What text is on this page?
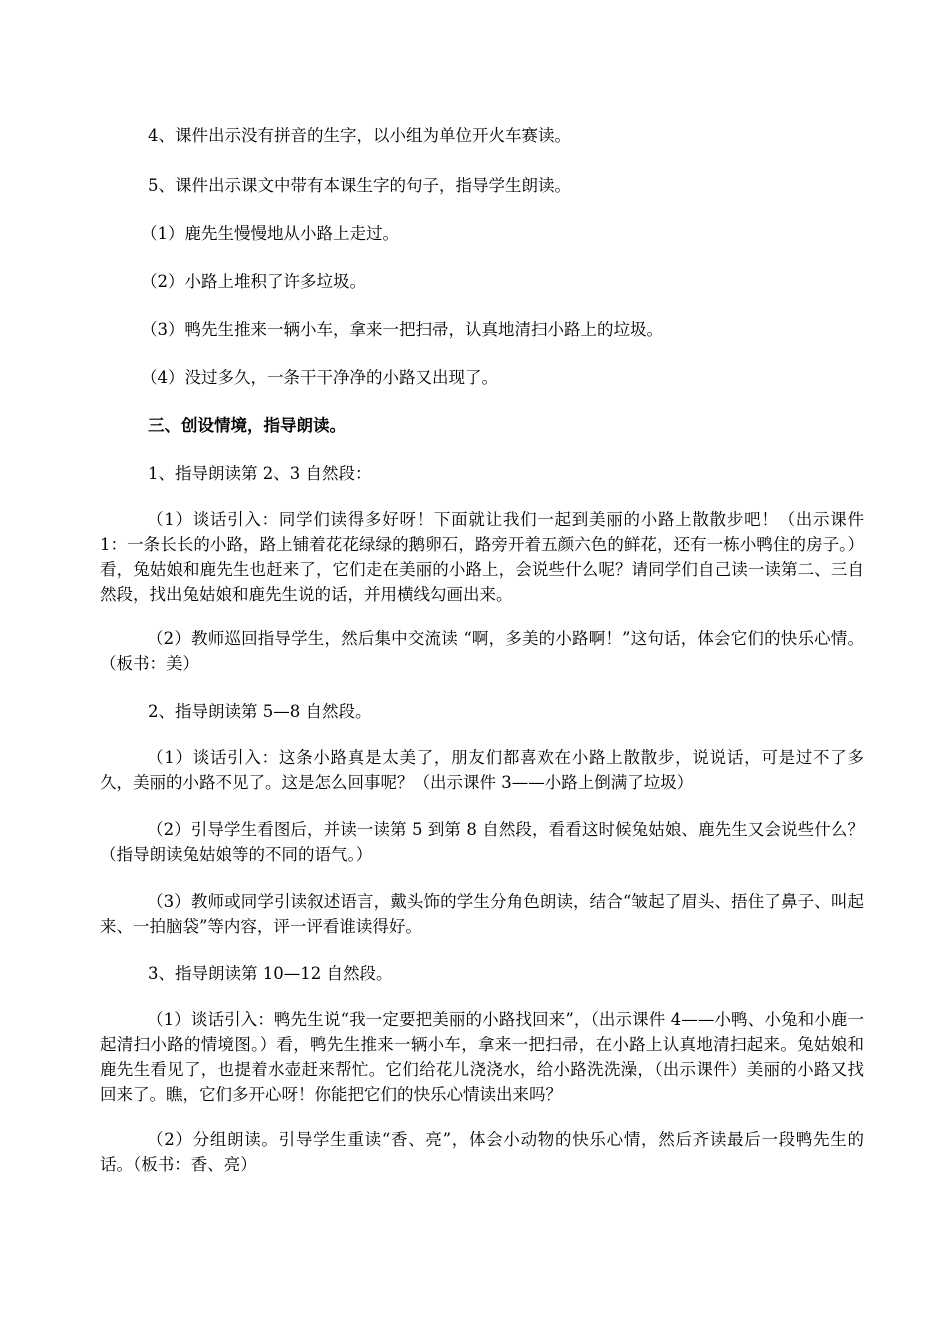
4、课件出示没有拼音的生字，以小组为单位开火车赛读。
5、课件出示课文中带有本课生字的句子，指导学生朗读。
（1）鹿先生慢慢地从小路上走过。
（2）小路上堆积了许多垃圾。
（3）鸭先生推来一辆小车，拿来一把扫帚，认真地清扫小路上的垃圾。
（4）没过多久，一条干干净净的小路又出现了。
三、创设情境，指导朗读。
1、指导朗读第 2、3 自然段：
（1）谈话引入：同学们读得多好呀！下面就让我们一起到美丽的小路上散散步吧！（出示课件 1：一条长长的小路，路上铺着花花绿绿的鹅卵石，路旁开着五颜六色的鲜花，还有一栋小鸭住的房子。）看，兔姑娘和鹿先生也赶来了，它们走在美丽的小路上，会说些什么呢？请同学们自己读一读第二、三自然段，找出兔姑娘和鹿先生说的话，并用横线勾画出来。
（2）教师巡回指导学生，然后集中交流读 “啊，多美的小路啊！”这句话，体会它们的快乐心情。（板书：美）
2、指导朗读第 5—8 自然段。
（1）谈话引入：这条小路真是太美了，朋友们都喜欢在小路上散散步，说说话，可是过不了多久，美丽的小路不见了。这是怎么回事呢？（出示课件 3——小路上倒满了垃圾）
（2）引导学生看图后，并读一读第 5 到第 8 自然段，看看这时候兔姑娘、鹿先生又会说些什么？（指导朗读兔姑娘等的不同的语气。）
（3）教师或同学引读叙述语言，戴头饰的学生分角色朗读，结合“皱起了眉头、捂住了鼻子、叫起来、一拍脑袋”等内容，评一评看谁读得好。
3、指导朗读第 10—12 自然段。
（1）谈话引入：鸭先生说“我一定要把美丽的小路找回来”，（出示课件 4——小鸭、小兔和小鹿一起清扫小路的情境图。）看，鸭先生推来一辆小车，拿来一把扫帚，在小路上认真地清扫起来。兔姑娘和鹿先生看见了，也提着水壶赶来帮忙。它们给花儿浇浇水，给小路洗洗澡，（出示课件）美丽的小路又找回来了。瞧，它们多开心呀！你能把它们的快乐心情读出来吗？
（2）分组朗读。引导学生重读“香、亮”，体会小动物的快乐心情，然后齐读最后一段鸭先生的话。（板书：香、亮）
